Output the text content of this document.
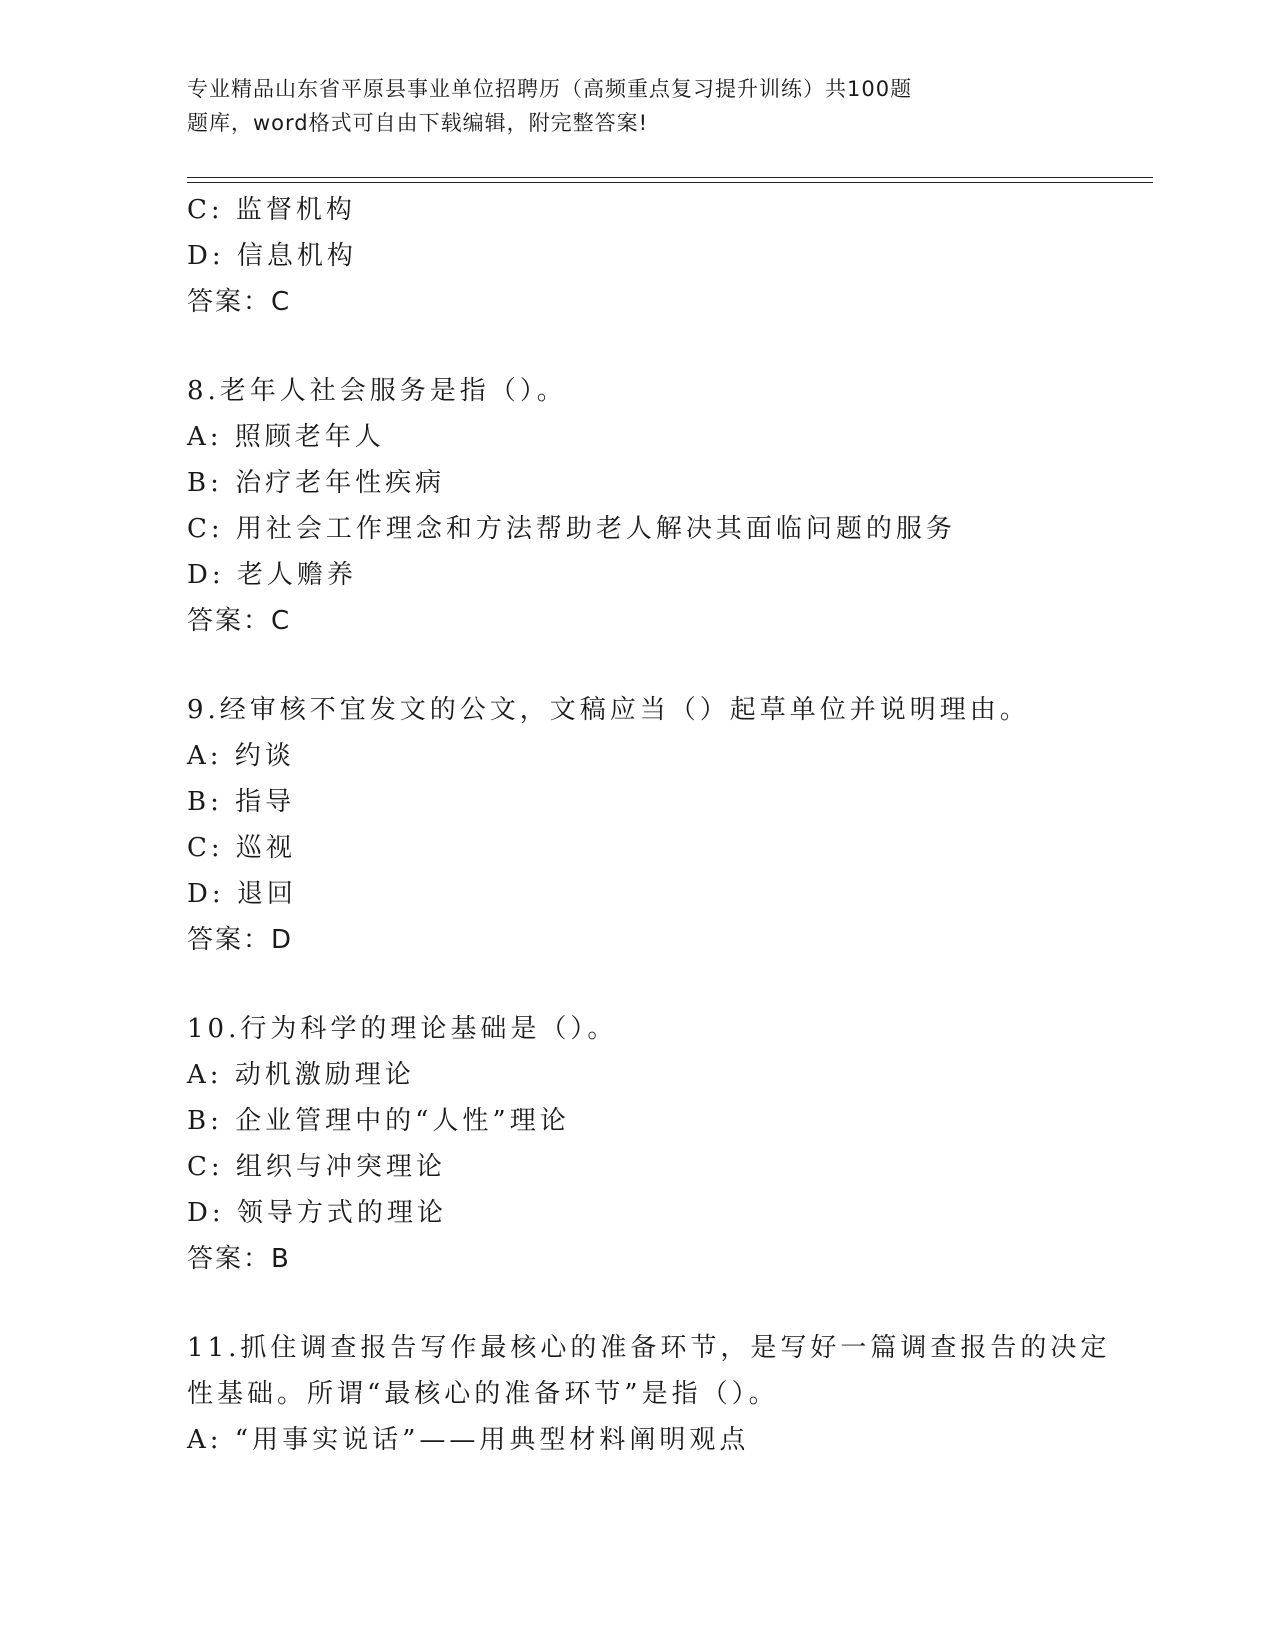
专业精品山东省平原县事业单位招聘历（高频重点复习提升训练）共100题
题库，word格式可自由下载编辑，附完整答案!
C: 监督机构
D: 信息机构
答案：C
8.老年人社会服务是指（）。
A: 照顾老年人
B: 治疗老年性疾病
C: 用社会工作理念和方法帮助老人解决其面临问题的服务
D: 老人赡养
答案：C
9.经审核不宜发文的公文，文稿应当（）起草单位并说明理由。
A: 约谈
B: 指导
C: 巡视
D: 退回
答案：D
10.行为科学的理论基础是（）。
A: 动机激励理论
B: 企业管理中的“人性”理论
C: 组织与冲突理论
D: 领导方式的理论
答案：B
11.抓住调查报告写作最核心的准备环节，是写好一篇调查报告的决定
性基础。所谓“最核心的准备环节”是指（）。
A: “用事实说话”——用典型材料阐明观点
